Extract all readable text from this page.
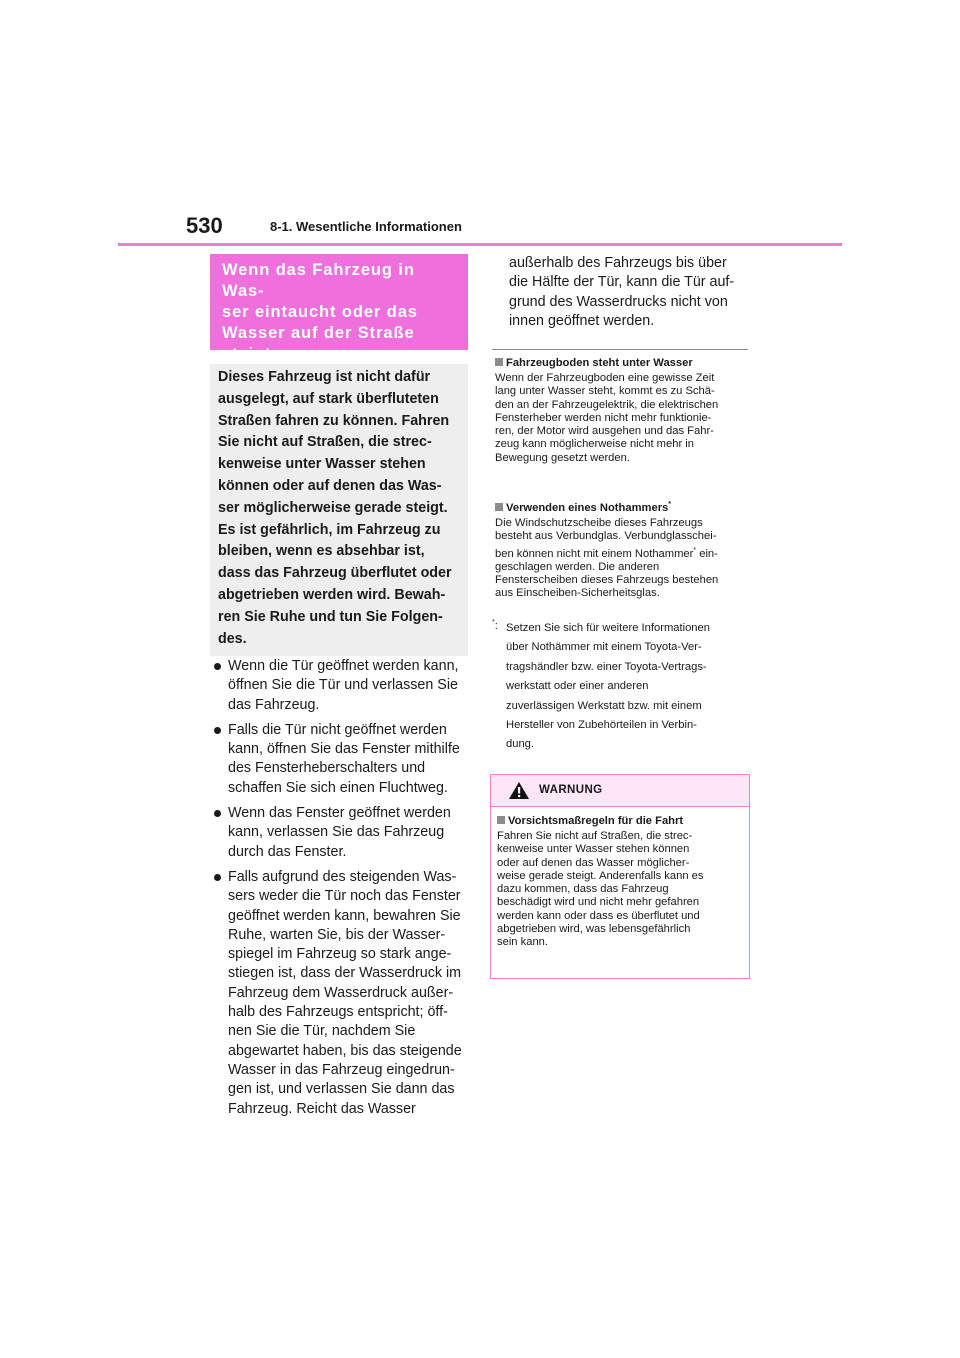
530	8-1. Wesentliche Informationen

Wenn das Fahrzeug in Was-
ser eintaucht oder das
Wasser auf der Straße
steigt

Dieses Fahrzeug ist nicht dafür
ausgelegt, auf stark überfluteten
Straßen fahren zu können. Fahren
Sie nicht auf Straßen, die strec-
kenweise unter Wasser stehen
können oder auf denen das Was-
ser möglicherweise gerade steigt.
Es ist gefährlich, im Fahrzeug zu
bleiben, wenn es absehbar ist,
dass das Fahrzeug überflutet oder
abgetrieben werden wird. Bewah-
ren Sie Ruhe und tun Sie Folgen-
des.

Wenn die Tür geöffnet werden kann,
öffnen Sie die Tür und verlassen Sie
das Fahrzeug.
Falls die Tür nicht geöffnet werden
kann, öffnen Sie das Fenster mithilfe
des Fensterheberschalters und
schaffen Sie sich einen Fluchtweg.
Wenn das Fenster geöffnet werden
kann, verlassen Sie das Fahrzeug
durch das Fenster.
Falls aufgrund des steigenden Was-
sers weder die Tür noch das Fenster
geöffnet werden kann, bewahren Sie
Ruhe, warten Sie, bis der Wasser-
spiegel im Fahrzeug so stark ange-
stiegen ist, dass der Wasserdruck im
Fahrzeug dem Wasserdruck außer-
halb des Fahrzeugs entspricht; öff-
nen Sie die Tür, nachdem Sie
abgewartet haben, bis das steigende
Wasser in das Fahrzeug eingedrun-
gen ist, und verlassen Sie dann das
Fahrzeug. Reicht das Wasser

außerhalb des Fahrzeugs bis über
die Hälfte der Tür, kann die Tür auf-
grund des Wasserdrucks nicht von
innen geöffnet werden.

Fahrzeugboden steht unter Wasser

Wenn der Fahrzeugboden eine gewisse Zeit
lang unter Wasser steht, kommt es zu Schä-
den an der Fahrzeugelektrik, die elektrischen
Fensterheber werden nicht mehr funktionie-
ren, der Motor wird ausgehen und das Fahr-
zeug kann möglicherweise nicht mehr in
Bewegung gesetzt werden.

Verwenden eines Nothammers*

Die Windschutzscheibe dieses Fahrzeugs
besteht aus Verbundglas. Verbundglasschei-
ben können nicht mit einem Nothammer* ein-
geschlagen werden. Die anderen
Fensterscheiben dieses Fahrzeugs bestehen
aus Einscheiben-Sicherheitsglas.

*: Setzen Sie sich für weitere Informationen
über Nothämmer mit einem Toyota-Ver-
tragshändler bzw. einer Toyota-Vertrags-
werkstatt oder einer anderen
zuverlässigen Werkstatt bzw. mit einem
Hersteller von Zubehörteilen in Verbin-
dung.

WARNUNG

Vorsichtsmaßregeln für die Fahrt

Fahren Sie nicht auf Straßen, die strec-
kenweise unter Wasser stehen können
oder auf denen das Wasser möglicher-
weise gerade steigt. Anderenfalls kann es
dazu kommen, dass das Fahrzeug
beschädigt wird und nicht mehr gefahren
werden kann oder dass es überflutet und
abgetrieben wird, was lebensgefährlich
sein kann.
